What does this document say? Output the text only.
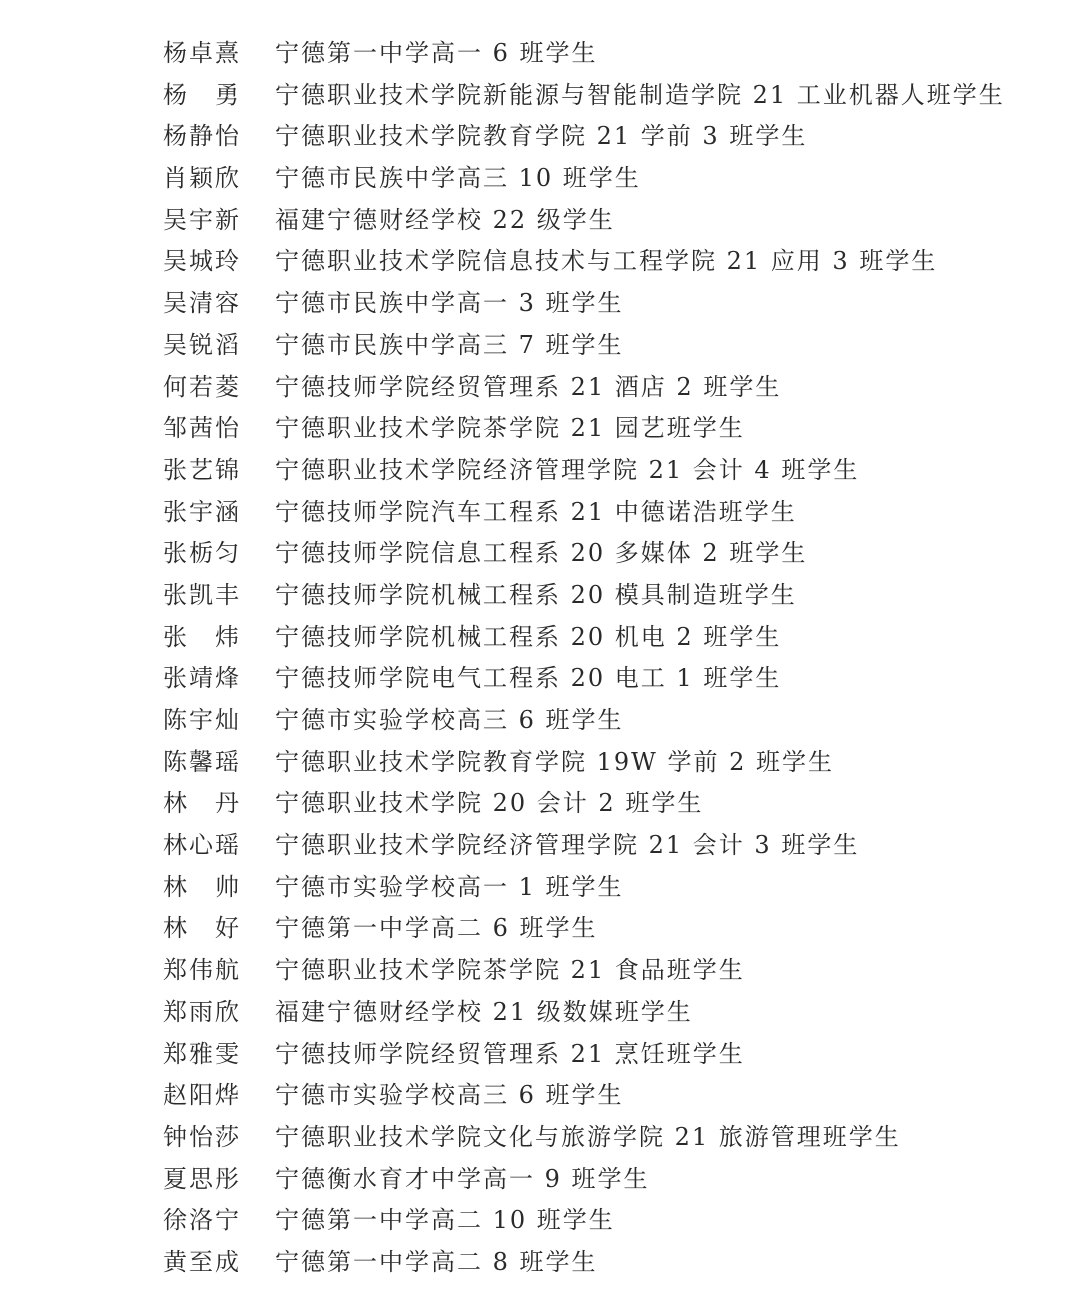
杨卓熹	宁德第一中学高一 6 班学生
杨　勇	宁德职业技术学院新能源与智能制造学院 21 工业机器人班学生
杨静怡	宁德职业技术学院教育学院 21 学前 3 班学生
肖颖欣	宁德市民族中学高三 10 班学生
吴宇新	福建宁德财经学校 22 级学生
吴城玲	宁德职业技术学院信息技术与工程学院 21 应用 3 班学生
吴清容	宁德市民族中学高一 3 班学生
吴锐滔	宁德市民族中学高三 7 班学生
何若菱	宁德技师学院经贸管理系 21 酒店 2 班学生
邹茜怡	宁德职业技术学院茶学院 21 园艺班学生
张艺锦	宁德职业技术学院经济管理学院 21 会计 4 班学生
张宇涵	宁德技师学院汽车工程系 21 中德诺浩班学生
张栃匀	宁德技师学院信息工程系 20 多媒体 2 班学生
张凯丰	宁德技师学院机械工程系 20 模具制造班学生
张　炜	宁德技师学院机械工程系 20 机电 2 班学生
张靖烽	宁德技师学院电气工程系 20 电工 1 班学生
陈宇灿	宁德市实验学校高三 6 班学生
陈馨瑶	宁德职业技术学院教育学院 19W 学前 2 班学生
林　丹	宁德职业技术学院 20 会计 2 班学生
林心瑶	宁德职业技术学院经济管理学院 21 会计 3 班学生
林　帅	宁德市实验学校高一 1 班学生
林　好	宁德第一中学高二 6 班学生
郑伟航	宁德职业技术学院茶学院 21 食品班学生
郑雨欣	福建宁德财经学校 21 级数媒班学生
郑雅雯	宁德技师学院经贸管理系 21 烹饪班学生
赵阳烨	宁德市实验学校高三 6 班学生
钟怡莎	宁德职业技术学院文化与旅游学院 21 旅游管理班学生
夏思彤	宁德衡水育才中学高一 9 班学生
徐洛宁	宁德第一中学高二 10 班学生
黄至成	宁德第一中学高二 8 班学生
